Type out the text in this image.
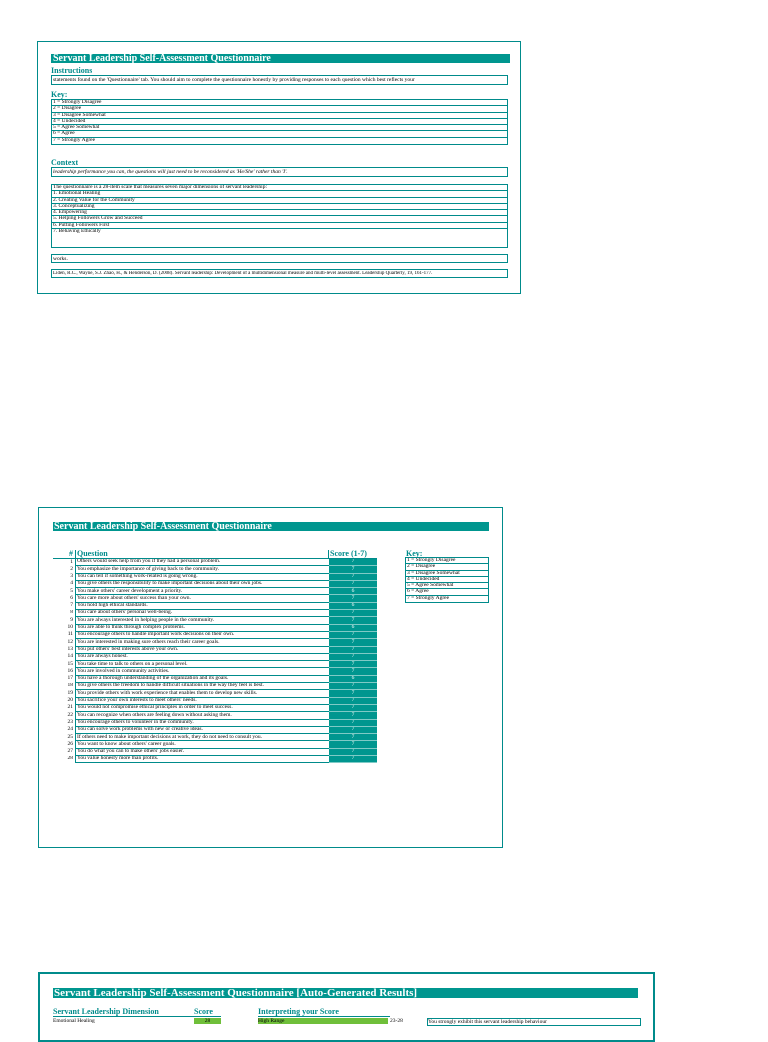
Servant Leadership Self-Assessment Questionnaire
Instructions
statements found on the 'Questionnaire' tab. You should aim to complete the questionnaire honestly by providing responses to each question which best reflects your
Key:
1 = Strongly Disagree
2 = Disagree
3 = Disagree Somewhat
4 = Undecided
5 = Agree Somewhat
6 = Agree
7 = Strongly Agree
Context
leadership performance you can, the questions will just need to be reconsidered as 'He/She' rather than 'I'.
The questionnaire is a 28-item scale that measures seven major dimensions of servant leadership:
1. Emotional Healing
2. Creating Value for the Community
3. Conceptualizing
4. Empowering
5. Helping Followers Grow and Succeed
6. Putting Followers First
7. Behaving Ethically
works.
Liden, R.C., Wayne, S.J. Zhao, H., & Henderson, D. (2008). Servant leadership: Development of a multidimensional measure and multi-level assessment. Leadership Quarterly, 19, 161-177.
Servant Leadership Self-Assessment Questionnaire
#	Question	Score (1-7)
1	Others would seek help from you if they had a personal problem.	7
2	You emphasize the importance of giving back to the community.	7
3	You can tell if something work-related is going wrong.	7
4	You give others the responsibility to make important decisions about their own jobs.	7
5	You make others' career development a priority.	6
6	You care more about others' success than your own.	7
7	You hold high ethical standards.	6
8	You care about others' personal well-being.	7
9	You are always interested in helping people in the community.	7
10	You are able to think through complex problems.	6
11	You encourage others to handle important work decisions on their own.	7
12	You are interested in making sure others reach their career goals.	7
13	You put others' best interests above your own.	7
14	You are always honest.	7
15	You take time to talk to others on a personal level.	7
16	You are involved in community activities.	7
17	You have a thorough understanding of the organization and its goals.	6
18	You give others the freedom to handle difficult situations in the way they feel is best.	7
19	You provide others with work experience that enables them to develop new skills.	7
20	You sacrifice your own interests to meet others' needs.	7
21	You would not compromise ethical principles in order to meet success.	7
22	You can recognize when others are feeling down without asking them.	7
23	You encourage others to volunteer in the community.	7
24	You can solve work problems with new or creative ideas.	7
25	If others need to make important decisions at work, they do not need to consult you.	7
26	You want to know about others' career goals.	7
27	You do what you can to make others' jobs easier.	7
28	You value honesty more than profits.	7
Key:
1 = Strongly Disagree
2 = Disagree
3 = Disagree Somewhat
4 = Undecided
5 = Agree Somewhat
6 = Agree
7 = Strongly Agree
Servant Leadership Self-Assessment Questionnaire [Auto-Generated Results]
Servant Leadership Dimension	Score
Emotional Healing	28
Interpreting your Score
High Range	23-28	You strongly exhibit this servant leadership behaviour
